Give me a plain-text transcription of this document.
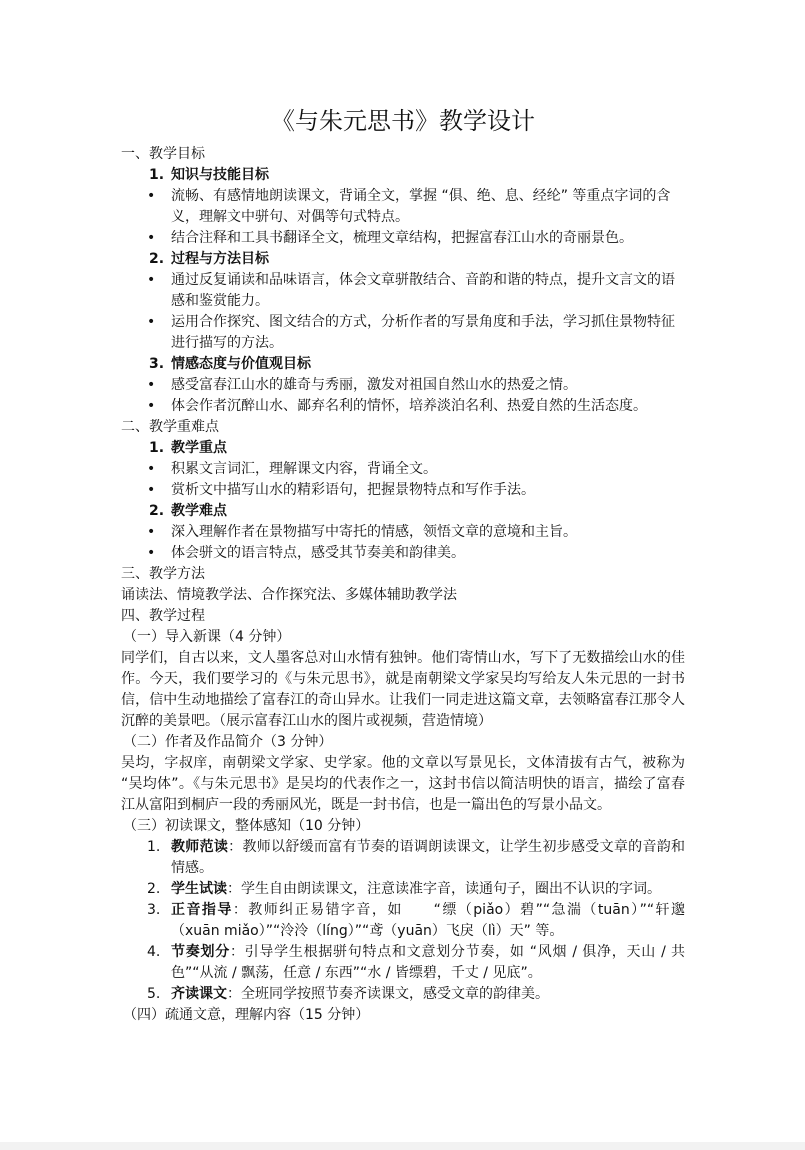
《与朱元思书》教学设计
一、教学目标
1. 知识与技能目标
• 流畅、有感情地朗读课文，背诵全文，掌握 “俱、绝、息、经纶” 等重点字词的含义，理解文中骈句、对偶等句式特点。
• 结合注释和工具书翻译全文，梳理文章结构，把握富春江山水的奇丽景色。
2. 过程与方法目标
• 通过反复诵读和品味语言，体会文章骈散结合、音韵和谐的特点，提升文言文的语感和鉴赏能力。
• 运用合作探究、图文结合的方式，分析作者的写景角度和手法，学习抓住景物特征进行描写的方法。
3. 情感态度与价值观目标
• 感受富春江山水的雄奇与秀丽，激发对祖国自然山水的热爱之情。
• 体会作者沉醉山水、鄙弃名利的情怀，培养淡泊名利、热爱自然的生活态度。
二、教学重难点
1. 教学重点
• 积累文言词汇，理解课文内容，背诵全文。
• 赏析文中描写山水的精彩语句，把握景物特点和写作手法。
2. 教学难点
• 深入理解作者在景物描写中寄托的情感，领悟文章的意境和主旨。
• 体会骈文的语言特点，感受其节奏美和韵律美。
三、教学方法

诵读法、情境教学法、合作探究法、多媒体辅助教学法

四、教学过程
（一）导入新课（4 分钟）

同学们，自古以来，文人墨客总对山水情有独钟。他们寄情山水，写下了无数描绘山水的佳作。今天，我们要学习的《与朱元思书》，就是南朝梁文学家吴均写给友人朱元思的一封书信，信中生动地描绘了富春江的奇山异水。让我们一同走进这篇文章，去领略富春江那令人沉醉的美景吧。（展示富春江山水的图片或视频，营造情境）

（二）作者及作品简介（3 分钟）

吴均，字叔庠，南朝梁文学家、史学家。他的文章以写景见长，文体清拔有古气，被称为 “吴均体”。《与朱元思书》是吴均的代表作之一，这封书信以简洁明快的语言，描绘了富春江从富阳到桐庐一段的秀丽风光，既是一封书信，也是一篇出色的写景小品文。

（三）初读课文，整体感知（10 分钟）
1. 教师范读：教师以舒缓而富有节奏的语调朗读课文，让学生初步感受文章的音韵和情感。
2. 学生试读：学生自由朗读课文，注意读准字音，读通句子，圈出不认识的字词。
3. 正音指导：教师纠正易错字音，如　　“缥（piǎo）碧”“急湍（tuān）”“轩邈（xuān miǎo）”“泠泠（líng）”“鸢（yuān）飞戾（lì）天” 等。
4. 节奏划分：引导学生根据骈句特点和文意划分节奏，如 “风烟 / 俱净，天山 / 共色”“从流 / 飘荡，任意 / 东西”“水 / 皆缥碧，千丈 / 见底”。
5. 齐读课文：全班同学按照节奏齐读课文，感受文章的韵律美。
（四）疏通文意，理解内容（15 分钟）
